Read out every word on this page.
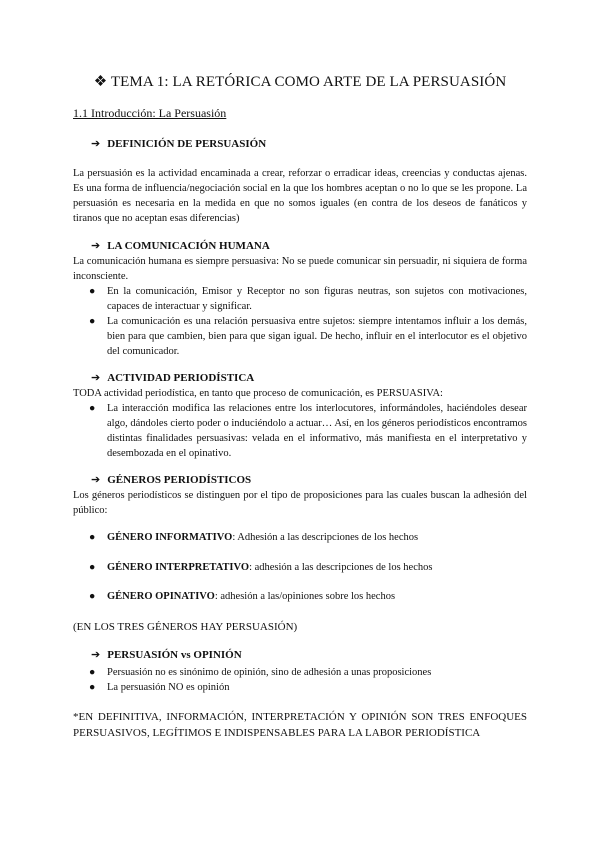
❖ TEMA 1: LA RETÓRICA COMO ARTE DE LA PERSUASIÓN
1.1 Introducción: La Persuasión
➔ DEFINICIÓN DE PERSUASIÓN
La persuasión es la actividad encaminada a crear, reforzar o erradicar ideas, creencias y conductas ajenas. Es una forma de influencia/negociación social en la que los hombres aceptan o no lo que se les propone. La persuasión es necesaria en la medida en que no somos iguales (en contra de los deseos de fanáticos y tiranos que no aceptan esas diferencias)
➔ LA COMUNICACIÓN HUMANA
La comunicación humana es siempre persuasiva: No se puede comunicar sin persuadir, ni siquiera de forma inconsciente.
● En la comunicación, Emisor y Receptor no son figuras neutras, son sujetos con motivaciones, capaces de interactuar y significar.
● La comunicación es una relación persuasiva entre sujetos: siempre intentamos influir a los demás, bien para que cambien, bien para que sigan igual. De hecho, influir en el interlocutor es el objetivo del comunicador.
➔ ACTIVIDAD PERIODÍSTICA
TODA actividad periodística, en tanto que proceso de comunicación, es PERSUASIVA:
● La interacción modifica las relaciones entre los interlocutores, informándoles, haciéndoles desear algo, dándoles cierto poder o induciéndolo a actuar… Así, en los géneros periodísticos encontramos distintas finalidades persuasivas: velada en el informativo, más manifiesta en el interpretativo y desembozada en el opinativo.
➔ GÉNEROS PERIODÍSTICOS
Los géneros periodísticos se distinguen por el tipo de proposiciones para las cuales buscan la adhesión del público:
● GÉNERO INFORMATIVO: Adhesión a las descripciones de los hechos
● GÉNERO INTERPRETATIVO: adhesión a las descripciones de los hechos
● GÉNERO OPINATIVO: adhesión a las/opiniones sobre los hechos
(EN LOS TRES GÉNEROS HAY PERSUASIÓN)
➔ PERSUASIÓN vs OPINIÓN
● Persuasión no es sinónimo de opinión, sino de adhesión a unas proposiciones
● La persuasión NO es opinión
*EN DEFINITIVA, INFORMACIÓN, INTERPRETACIÓN Y OPINIÓN SON TRES ENFOQUES PERSUASIVOS, LEGÍTIMOS E INDISPENSABLES PARA LA LABOR PERIODÍSTICA
